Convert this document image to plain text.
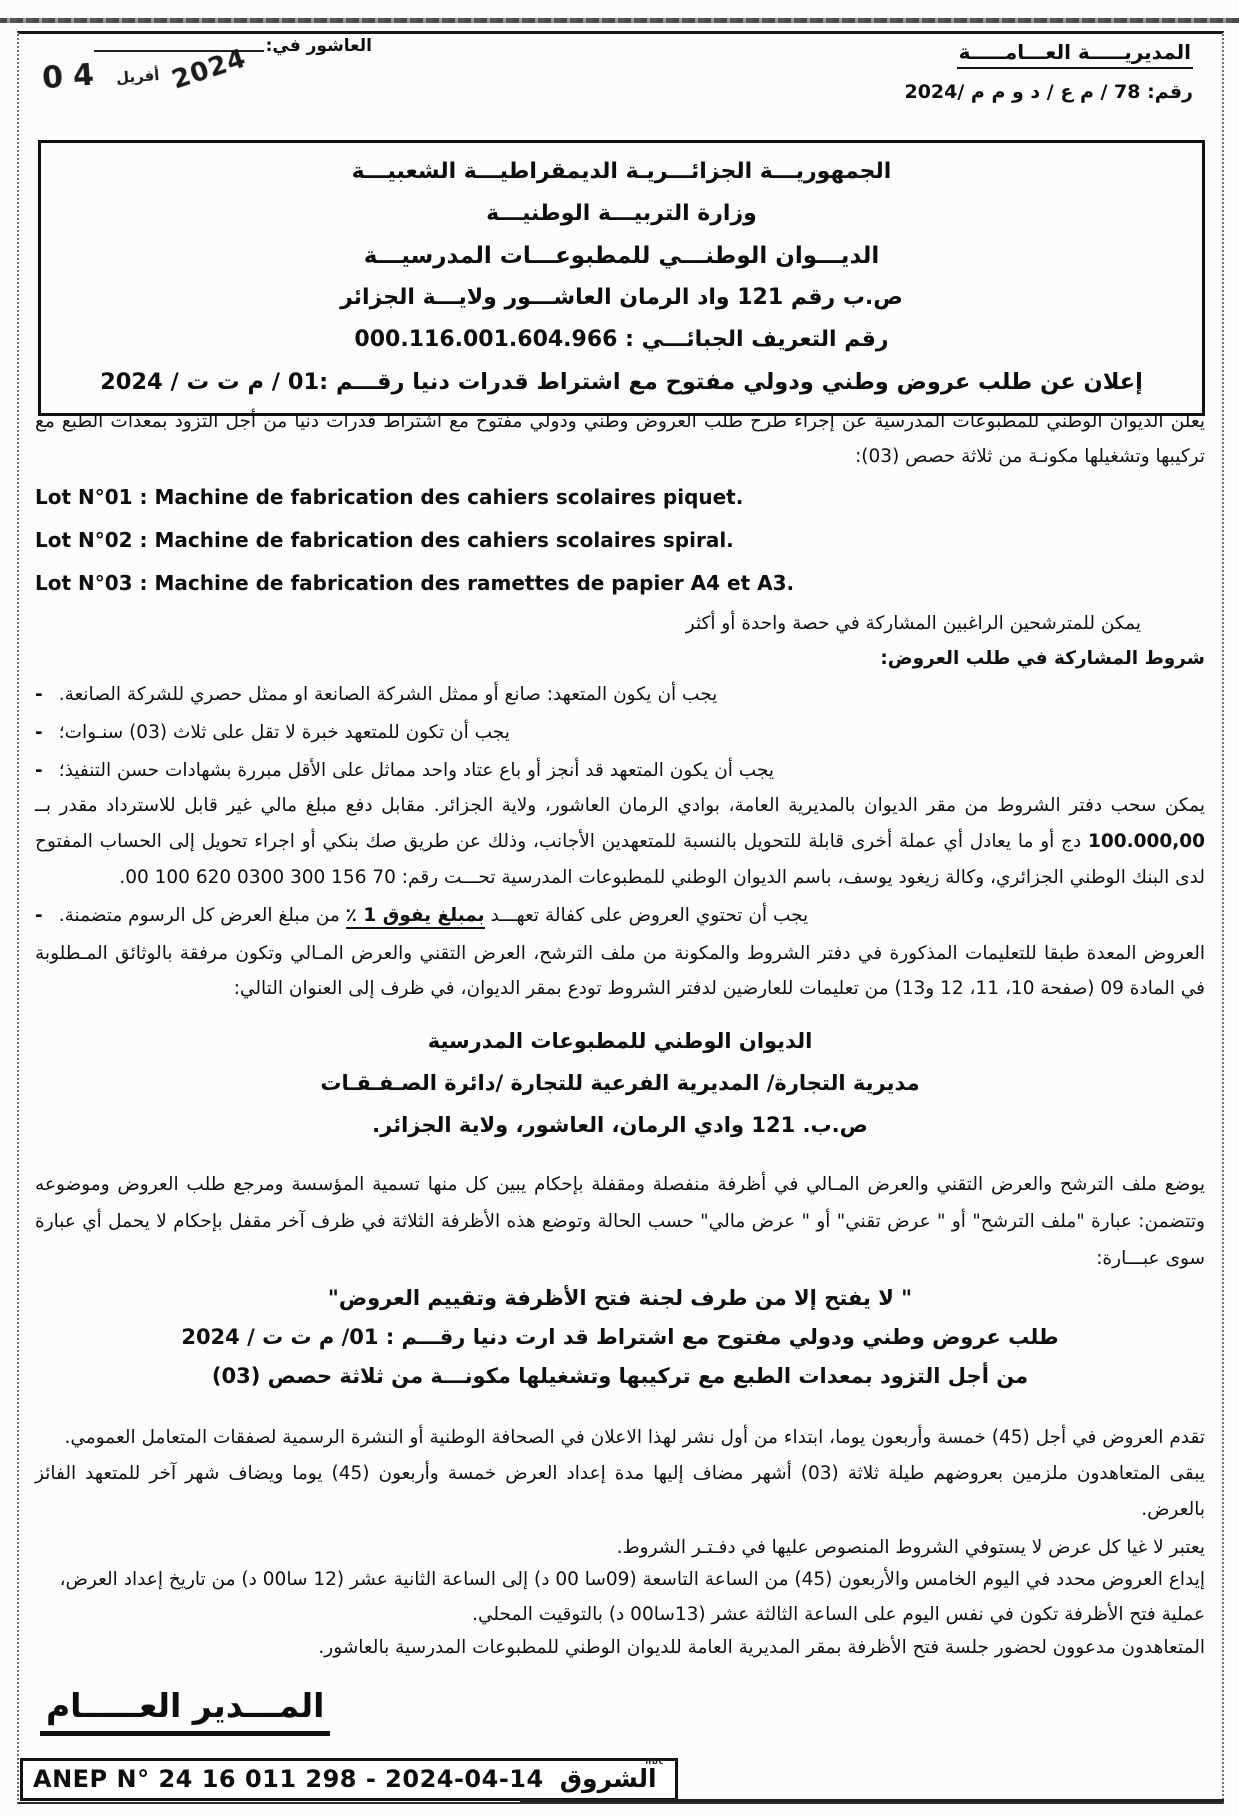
المديريـــــة العـــامـــــة
رقم: 78 / م ع / د و م م /2024
العاشور في:
2024
أفريل
04
الجمهوريـــة الجزائـــريـة الديمقراطيـــة الشعبيـــة
وزارة التربيـــة الوطنيـــة
الديـــوان الوطنـــي للمطبوعـــات المدرسيـــة
ص.ب رقم 121 واد الرمان العاشـــور ولايـــة الجزائر
رقم التعريف الجبائـــي : 000.116.001.604.966
إعلان عن طلب عروض وطني ودولي مفتوح مع اشتراط قدرات دنيا رقـــم :01 / م ت ت / 2024
يعلن الديوان الوطني للمطبوعات المدرسية عن إجراء طرح طلب العروض وطني ودولي مفتوح مع اشتراط قدرات دنيا من أجل التزود بمعدات الطبع مع تركيبها وتشغيلها مكونـة من ثلاثة حصص (03):
Lot N°01 : Machine de fabrication des cahiers scolaires piquet.
Lot N°02 : Machine de fabrication des cahiers scolaires spiral.
Lot N°03 : Machine de fabrication des ramettes de papier A4 et A3.
يمكن للمترشحين الراغبين المشاركة في حصة واحدة أو أكثر
شروط المشاركة في طلب العروض:
- يجب أن يكون المتعهد: صانع أو ممثل الشركة الصانعة او ممثل حصري للشركة الصانعة.
- يجب أن تكون للمتعهد خبرة لا تقل على ثلاث (03) سنـوات؛
- يجب أن يكون المتعهد قد أنجز أو باع عتاد واحد مماثل على الأقل مبررة بشهادات حسن التنفيذ؛
يمكن سحب دفتر الشروط من مقر الديوان بالمديرية العامة، بوادي الرمان العاشور، ولاية الجزائر. مقابل دفع مبلغ مالي غير قابل للاسترداد مقدر بــ 100.000,00 دج أو ما يعادل أي عملة أخرى قابلة للتحويل بالنسبة للمتعهدين الأجانب، وذلك عن طريق صك بنكي أو اجراء تحويل إلى الحساب المفتوح لدى البنك الوطني الجزائري، وكالة زيغود يوسف، باسم الديوان الوطني للمطبوعات المدرسية تحـــت رقم: 00 100 620 0300 300 156 70.
-	يجب أن تحتوي العروض على كفالة تعهـــد بمبلغ يفوق 1 ٪ من مبلغ العرض كل الرسوم متضمنة.
العروض المعدة طبقا للتعليمات المذكورة في دفتر الشروط والمكونة من ملف الترشح، العرض التقني والعرض المـالي وتكون مرفقة بالوثائق المـطلوبة في المادة 09 (صفحة 10، 11، 12 و13) من تعليمات للعارضين لدفتر الشروط تودع بمقر الديوان، في ظرف إلى العنوان التالي:
الديوان الوطني للمطبوعات المدرسية
مديرية التجارة/ المديرية الفرعية للتجارة /دائرة الصـفـقـات
ص.ب. 121 وادي الرمان، العاشور، ولاية الجزائر.
يوضع ملف الترشح والعرض التقني والعرض المـالي في أظرفة منفصلة ومقفلة بإحكام يبين كل منها تسمية المؤسسة ومرجع طلب العروض وموضوعه وتتضمن: عبارة "ملف الترشح" أو " عرض تقني" أو " عرض مالي" حسب الحالة وتوضع هذه الأظرفة الثلاثة في ظرف آخر مقفل بإحكام لا يحمل أي عبارة سوى عبـــارة:
" لا يفتح إلا من طرف لجنة فتح الأظرفة وتقييم العروض"
طلب عروض وطني ودولي مفتوح مع اشتراط قد ارت دنيا رقـــم : 01/ م ت ت / 2024
من أجل التزود بمعدات الطبع مع تركيبها وتشغيلها مكونـــة من ثلاثة حصص (03)
تقدم العروض في أجل (45) خمسة وأربعون يوما، ابتداء من أول نشر لهذا الاعلان في الصحافة الوطنية أو النشرة الرسمية لصفقات المتعامل العمومي.
يبقى المتعاهدون ملزمين بعروضهم طيلة ثلاثة (03) أشهر مضاف إليها مدة إعداد العرض خمسة وأربعون (45) يوما ويضاف شهر آخر للمتعهد الفائز بالعرض.
يعتبر لا غيا كل عرض لا يستوفي الشروط المنصوص عليها في دفـتـر الشروط.
إيداع العروض محدد في اليوم الخامس والأربعون (45) من الساعة التاسعة (09سا 00 د) إلى الساعة الثانية عشر (12 سا00 د) من تاريخ إعداد العرض،
عملية فتح الأظرفة تكون في نفس اليوم على الساعة الثالثة عشر (13سا00 د) بالتوقيت المحلي.
المتعاهدون مدعوون لحضور جلسة فتح الأظرفة بمقر المديرية العامة للديوان الوطني للمطبوعات المدرسية بالعاشور.
المـــدير العـــــام
ANEP N° 24 16 011 298 - 2024-04-14
nbc
الشروق
